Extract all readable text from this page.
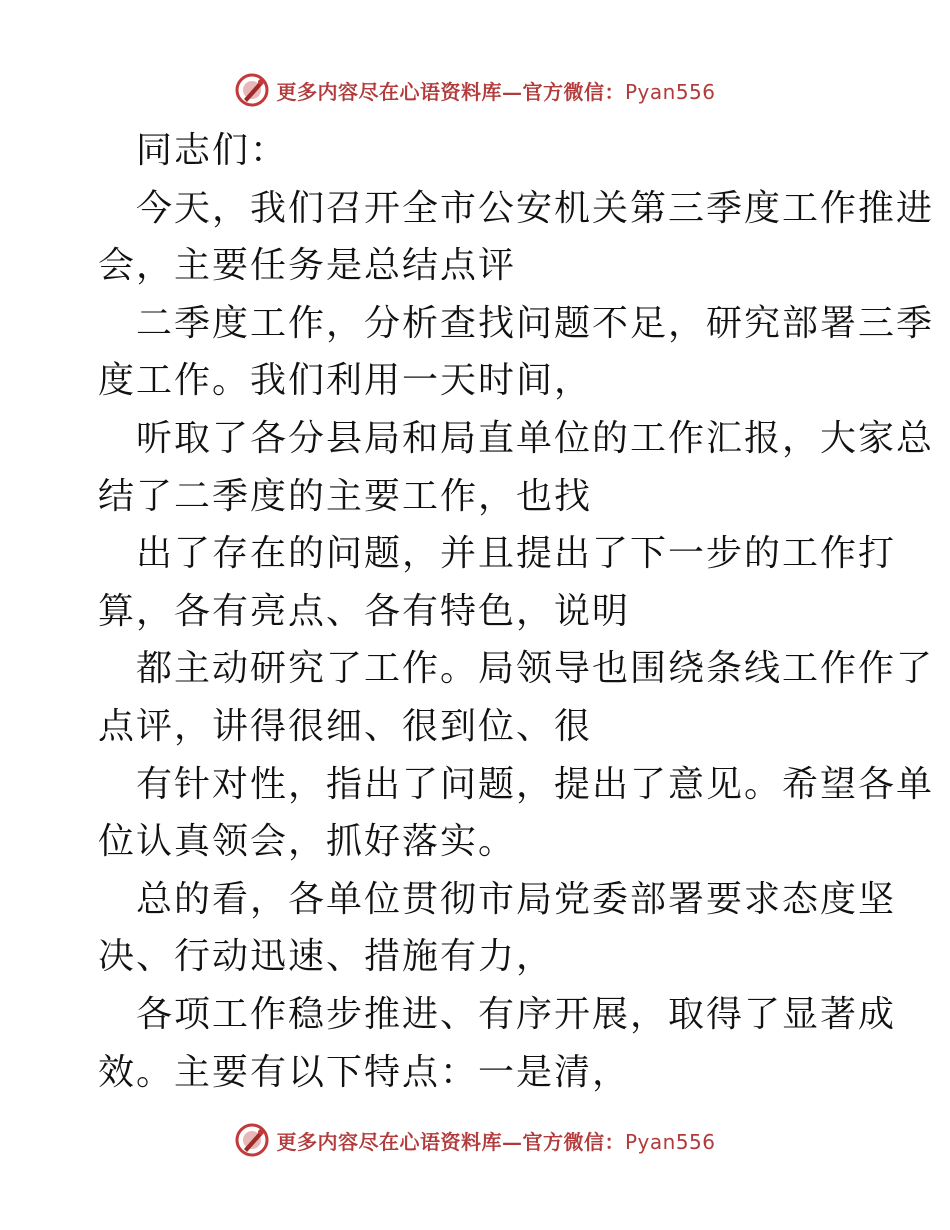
更多内容尽在心语资料库—官方微信：Pyan556
同志们：
今天，我们召开全市公安机关第三季度工作推进
会，主要任务是总结点评
二季度工作，分析查找问题不足，研究部署三季
度工作。我们利用一天时间，
听取了各分县局和局直单位的工作汇报，大家总
结了二季度的主要工作，也找
出了存在的问题，并且提出了下一步的工作打
算，各有亮点、各有特色，说明
都主动研究了工作。局领导也围绕条线工作作了
点评，讲得很细、很到位、很
有针对性，指出了问题，提出了意见。希望各单
位认真领会，抓好落实。
总的看，各单位贯彻市局党委部署要求态度坚
决、行动迅速、措施有力，
各项工作稳步推进、有序开展，取得了显著成
效。主要有以下特点：一是清，
更多内容尽在心语资料库—官方微信：Pyan556
